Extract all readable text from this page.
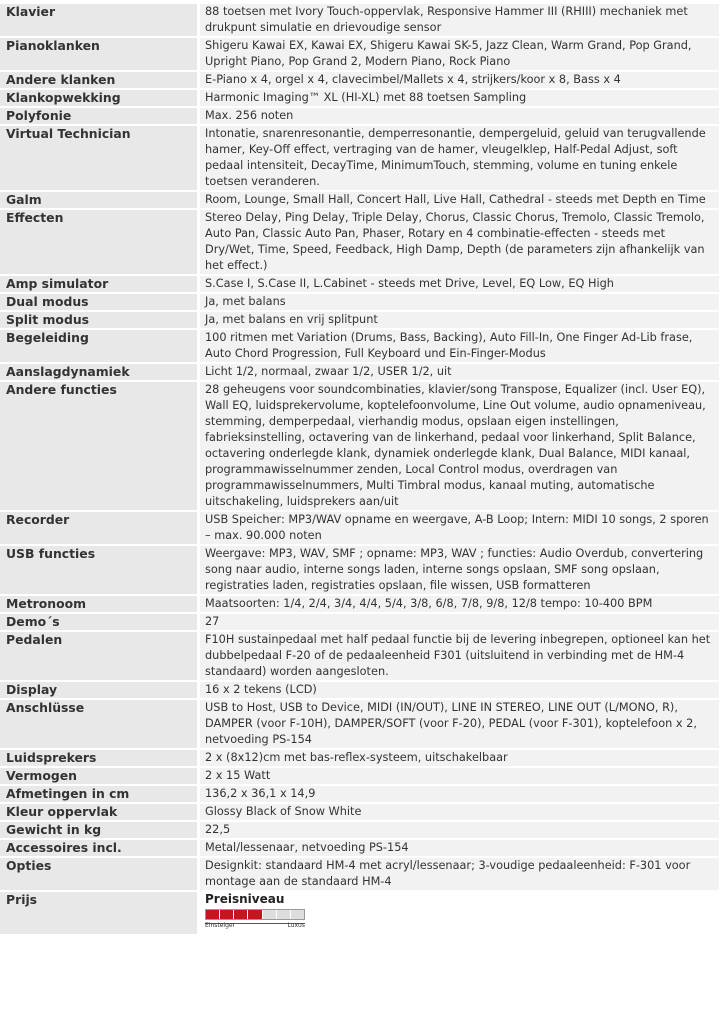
Klavier	88 toetsen met Ivory Touch-oppervlak, Responsive Hammer III (RHIII) mechaniek met drukpunt simulatie en drievoudige sensor
Pianoklanken	Shigeru Kawai EX, Kawai EX, Shigeru Kawai SK-5, Jazz Clean, Warm Grand, Pop Grand, Upright Piano, Pop Grand 2, Modern Piano, Rock Piano
Andere klanken	E-Piano x 4, orgel x 4, clavecimbel/Mallets x 4, strijkers/koor x 8, Bass x 4
Klankopwekking	Harmonic Imaging™ XL (HI-XL) met 88 toetsen Sampling
Polyfonie	Max. 256 noten
Virtual Technician	Intonatie, snarenresonantie, demperresonantie, dempergeluid, geluid van terugvallende hamer, Key-Off effect, vertraging van de hamer, vleugelklep, Half-Pedal Adjust, soft pedaal intensiteit, DecayTime, MinimumTouch, stemming, volume en tuning enkele toetsen veranderen.
Galm	Room, Lounge, Small Hall, Concert Hall, Live Hall, Cathedral - steeds met Depth en Time
Effecten	Stereo Delay, Ping Delay, Triple Delay, Chorus, Classic Chorus, Tremolo, Classic Tremolo, Auto Pan, Classic Auto Pan, Phaser, Rotary en 4 combinatie-effecten - steeds met Dry/Wet, Time, Speed, Feedback, High Damp, Depth (de parameters zijn afhankelijk van het effect.)
Amp simulator	S.Case I, S.Case II, L.Cabinet - steeds met Drive, Level, EQ Low, EQ High
Dual modus	Ja, met balans
Split modus	Ja, met balans en vrij splitpunt
Begeleiding	100 ritmen met Variation (Drums, Bass, Backing), Auto Fill-In, One Finger Ad-Lib frase, Auto Chord Progression, Full Keyboard und Ein-Finger-Modus
Aanslagdynamiek	Licht 1/2, normaal, zwaar 1/2, USER 1/2, uit
Andere functies	28 geheugens voor soundcombinaties, klavier/song Transpose, Equalizer (incl. User EQ), Wall EQ, luidsprekervolume, koptelefoonvolume, Line Out volume, audio opnameniveau, stemming, demperpedaal, vierhandig modus, opslaan eigen instellingen, fabrieksinstelling, octavering van de linkerhand, pedaal voor linkerhand, Split Balance, octavering onderlegde klank, dynamiek onderlegde klank, Dual Balance, MIDI kanaal, programmawisselnummer zenden, Local Control modus, overdragen van programmawisselnummers, Multi Timbral modus, kanaal muting, automatische uitschakeling, luidsprekers aan/uit
Recorder	USB Speicher: MP3/WAV opname en weergave, A-B Loop; Intern: MIDI 10 songs, 2 sporen – max. 90.000 noten
USB functies	Weergave: MP3, WAV, SMF ; opname: MP3, WAV ; functies: Audio Overdub, convertering song naar audio, interne songs laden, interne songs opslaan, SMF song opslaan, registraties laden, registraties opslaan, file wissen, USB formatteren
Metronoom	Maatsoorten: 1/4, 2/4, 3/4, 4/4, 5/4, 3/8, 6/8, 7/8, 9/8, 12/8 tempo: 10-400 BPM
Demo´s	27
Pedalen	F10H sustainpedaal met half pedaal functie bij de levering inbegrepen, optioneel kan het dubbelpedaal F-20 of de pedaaleenheid F301 (uitsluitend in verbinding met de HM-4 standaard) worden aangesloten.
Display	16 x 2 tekens (LCD)
Anschlüsse	USB to Host, USB to Device, MIDI (IN/OUT), LINE IN STEREO, LINE OUT (L/MONO, R), DAMPER (voor F-10H), DAMPER/SOFT (voor F-20), PEDAL (voor F-301), koptelefoon x 2, netvoeding PS-154
Luidsprekers	2 x (8x12)cm met bas-reflex-systeem, uitschakelbaar
Vermogen	2 x 15 Watt
Afmetingen in cm	136,2 x 36,1 x 14,9
Kleur oppervlak	Glossy Black of Snow White
Gewicht in kg	22,5
Accessoires incl.	Metal/lessenaar, netvoeding PS-154
Opties	Designkit: standaard HM-4 met acryl/lessenaar; 3-voudige pedaaleenheid: F-301 voor montage aan de standaard HM-4
Prijs	Preisniveau
Einsteiger	Luxus
